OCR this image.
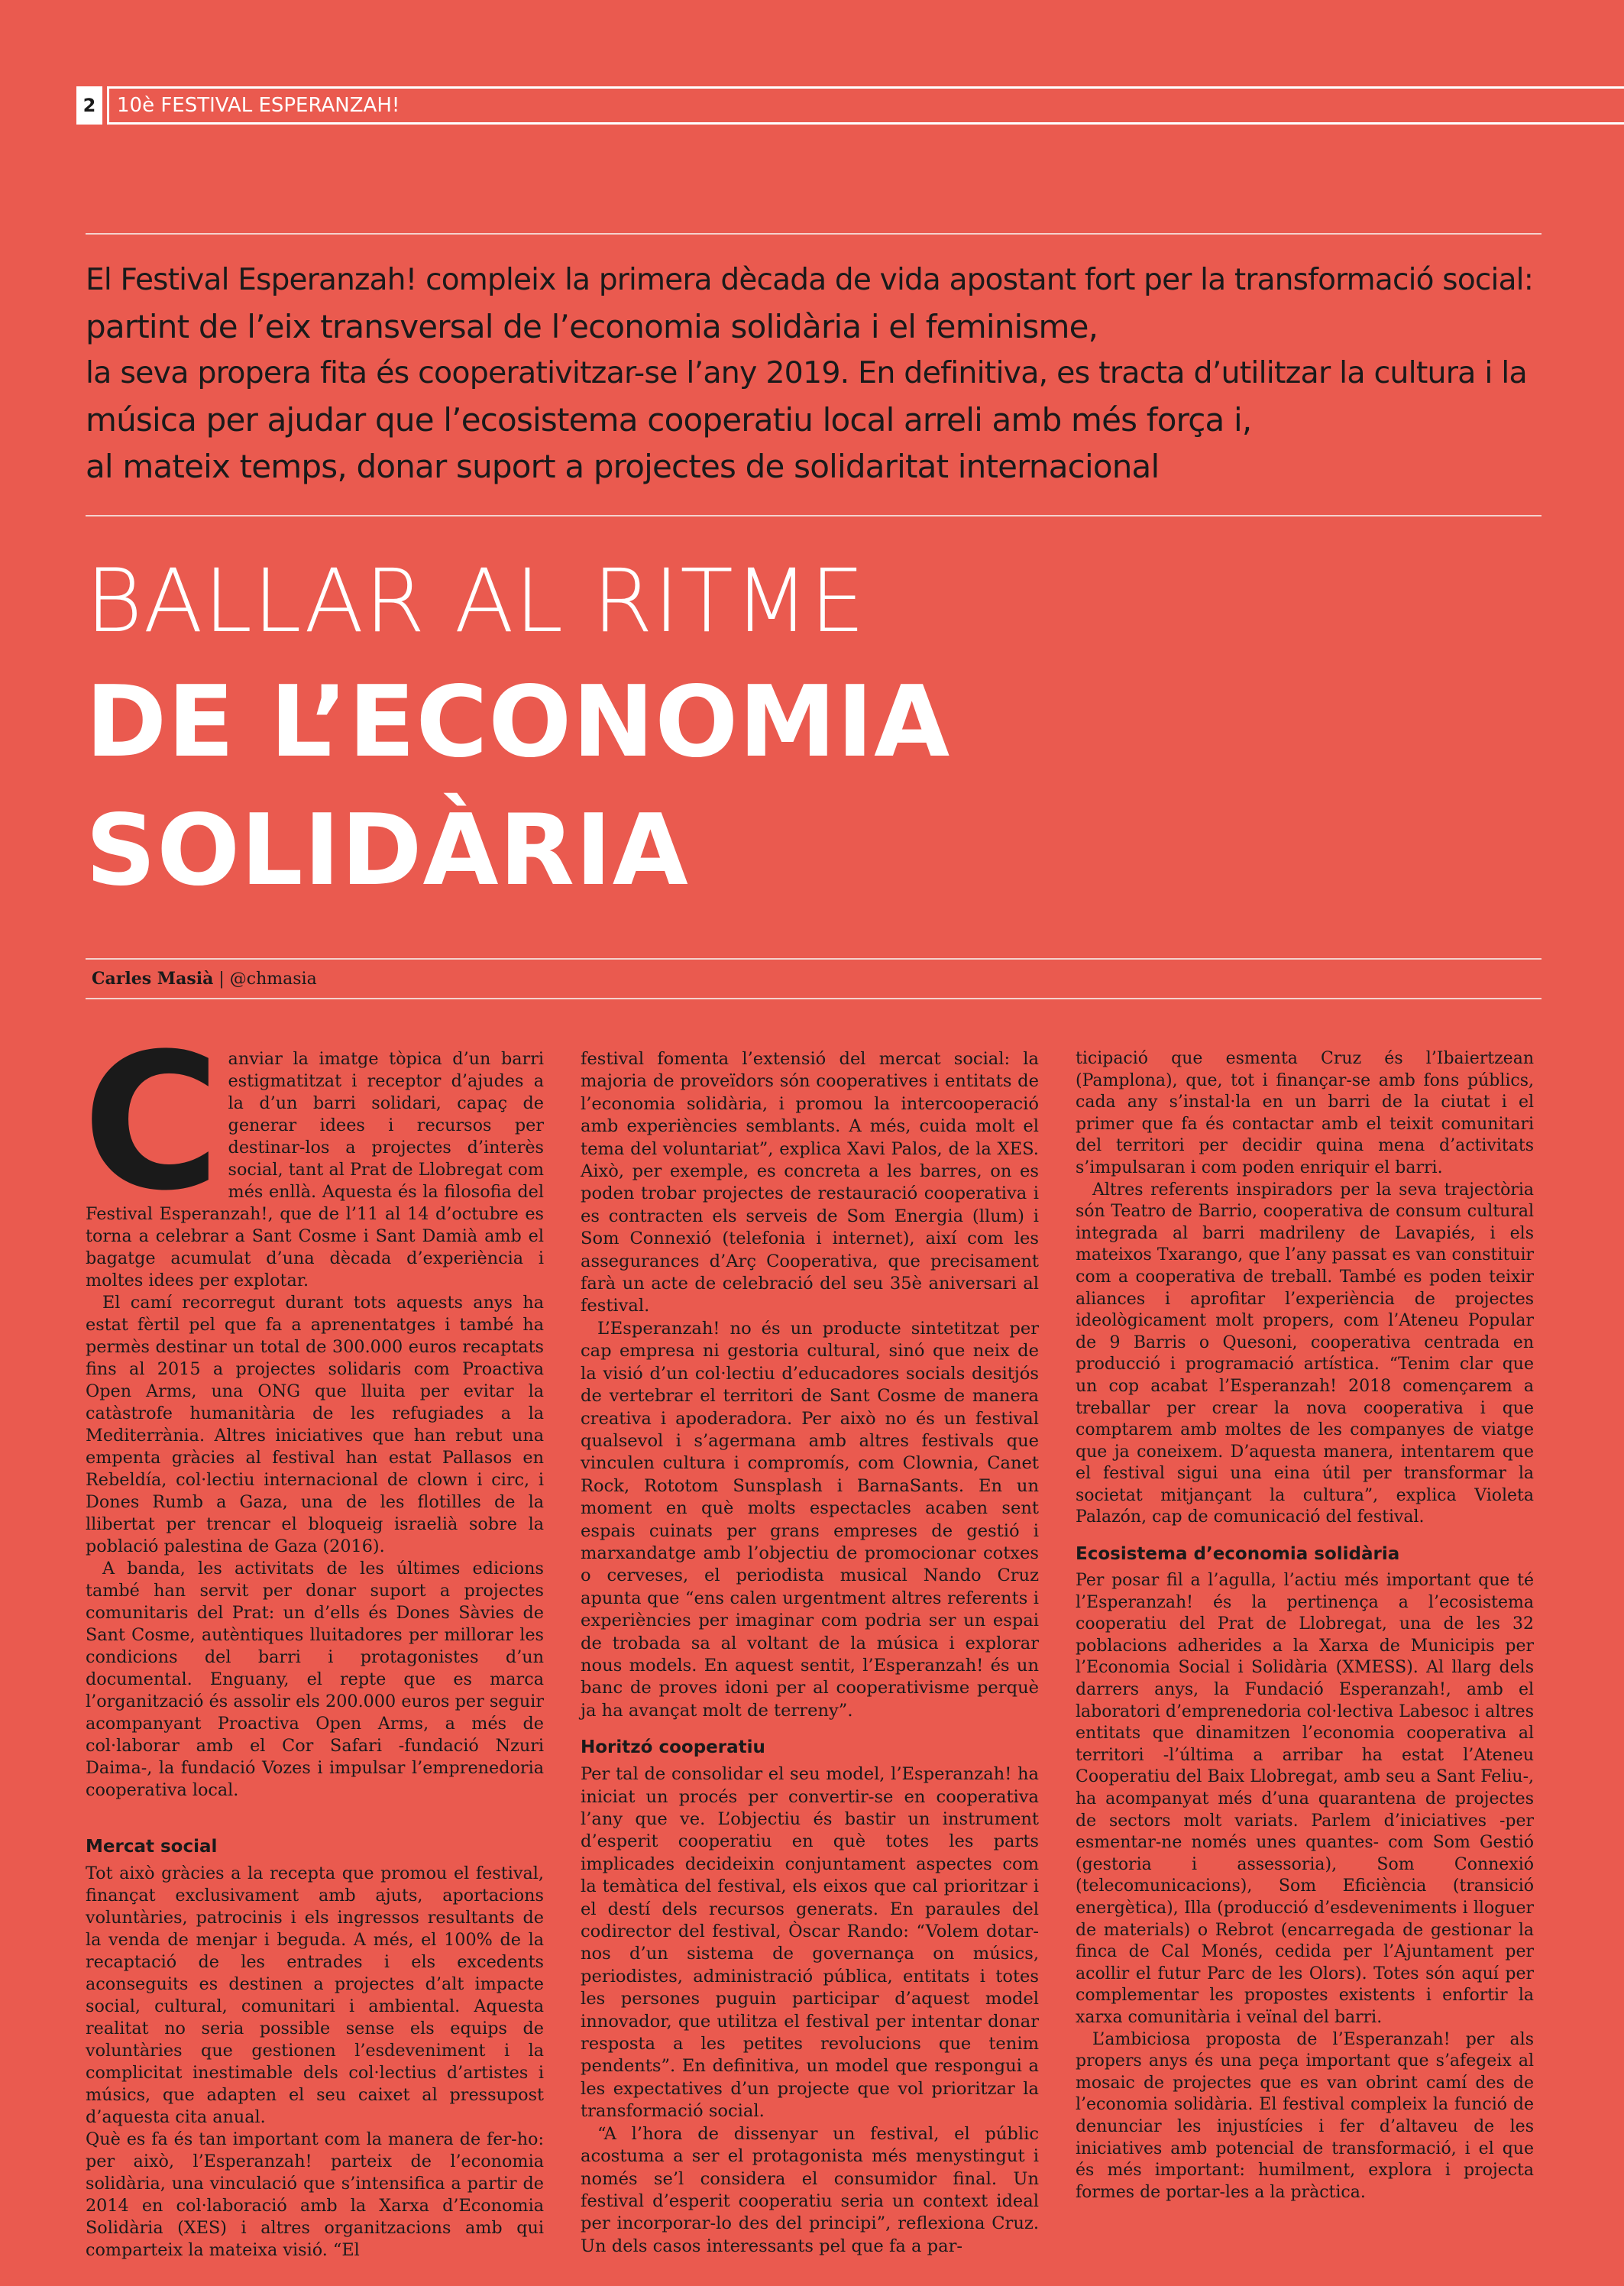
2	10è FESTIVAL ESPERANZAH!
El Festival Esperanzah! compleix la primera dècada de vida apostant fort per la transformació social:
partint de l’eix transversal de l’economia solidària i el feminisme,
la seva propera fita és cooperativitzar-se l’any 2019. En definitiva, es tracta d’utilitzar la cultura i la
música per ajudar que l’ecosistema cooperatiu local arreli amb més força i,
al mateix temps, donar suport a projectes de solidaritat internacional
BALLAR AL RITME
DE L’ECONOMIA
SOLIDÀRIA
Carles Masià | @chmasia
C anviar la imatge tòpica d’un barri estigmatitzat i receptor d’ajudes a la d’un barri solidari, capaç de generar idees i recursos per destinar-los a projectes d’interès social, tant al Prat de Llobregat com més enllà. Aquesta és la filosofia del Festival Esperanzah!, que de l’11 al 14 d’octubre es torna a celebrar a Sant Cosme i Sant Damià amb el bagatge acumulat d’una dècada d’experiència i moltes idees per explotar.

El camí recorregut durant tots aquests anys ha estat fèrtil pel que fa a aprenentatges i també ha permès destinar un total de 300.000 euros recaptats fins al 2015 a projectes solidaris com Proactiva Open Arms, una ONG que lluita per evitar la catàstrofe humanitària de les refugiades a la Mediterrània. Altres iniciatives que han rebut una empenta gràcies al festival han estat Pallasos en Rebeldía, col·lectiu internacional de clown i circ, i Dones Rumb a Gaza, una de les flotilles de la llibertat per trencar el bloqueig israelià sobre la població palestina de Gaza (2016).

A banda, les activitats de les últimes edicions també han servit per donar suport a projectes comunitaris del Prat: un d’ells és Dones Sàvies de Sant Cosme, autèntiques lluitadores per millorar les condicions del barri i protagonistes d’un documental. Enguany, el repte que es marca l’organització és assolir els 200.000 euros per seguir acompanyant Proactiva Open Arms, a més de col·laborar amb el Cor Safari -fundació Nzuri Daima-, la fundació Vozes i impulsar l’emprenedoria cooperativa local.

Mercat social

Tot això gràcies a la recepta que promou el festival, finançat exclusivament amb ajuts, aportacions voluntàries, patrocinis i els ingressos resultants de la venda de menjar i beguda. A més, el 100% de la recaptació de les entrades i els excedents aconseguits es destinen a projectes d’alt impacte social, cultural, comunitari i ambiental. Aquesta realitat no seria possible sense els equips de voluntàries que gestionen l’esdeveniment i la complicitat inestimable dels col·lectius d’artistes i músics, que adapten el seu caixet al pressupost d’aquesta cita anual.

Què es fa és tan important com la manera de fer-ho: per això, l’Esperanzah! parteix de l’economia solidària, una vinculació que s’intensifica a partir de 2014 en col·laboració amb la Xarxa d’Economia Solidària (XES) i altres organitzacions amb qui comparteix la mateixa visió. “El

festival fomenta l’extensió del mercat social: la majoria de proveïdors són cooperatives i entitats de l’economia solidària, i promou la intercooperació amb experiències semblants. A més, cuida molt el tema del voluntariat”, explica Xavi Palos, de la XES. Això, per exemple, es concreta a les barres, on es poden trobar projectes de restauració cooperativa i es contracten els serveis de Som Energia (llum) i Som Connexió (telefonia i internet), així com les assegurances d’Arç Cooperativa, que precisament farà un acte de celebració del seu 35è aniversari al festival.

L’Esperanzah! no és un producte sintetitzat per cap empresa ni gestoria cultural, sinó que neix de la visió d’un col·lectiu d’educadores socials desitjós de vertebrar el territori de Sant Cosme de manera creativa i apoderadora. Per això no és un festival qualsevol i s’agermana amb altres festivals que vinculen cultura i compromís, com Clownia, Canet Rock, Rototom Sunsplash i BarnaSants. En un moment en què molts espectacles acaben sent espais cuinats per grans empreses de gestió i marxandatge amb l’objectiu de promocionar cotxes o cerveses, el periodista musical Nando Cruz apunta que “ens calen urgentment altres referents i experiències per imaginar com podria ser un espai de trobada sa al voltant de la música i explorar nous models. En aquest sentit, l’Esperanzah! és un banc de proves idoni per al cooperativisme perquè ja ha avançat molt de terreny”.

Horitzó cooperatiu

Per tal de consolidar el seu model, l’Esperanzah! ha iniciat un procés per convertir-se en cooperativa l’any que ve. L’objectiu és bastir un instrument d’esperit cooperatiu en què totes les parts implicades decideixin conjuntament aspectes com la temàtica del festival, els eixos que cal prioritzar i el destí dels recursos generats. En paraules del codirector del festival, Òscar Rando: “Volem dotar-nos d’un sistema de governança on músics, periodistes, administració pública, entitats i totes les persones puguin participar d’aquest model innovador, que utilitza el festival per intentar donar resposta a les petites revolucions que tenim pendents”. En definitiva, un model que respongui a les expectatives d’un projecte que vol prioritzar la transformació social.

“A l’hora de dissenyar un festival, el públic acostuma a ser el protagonista més menystingut i només se’l considera el consumidor final. Un festival d’esperit cooperatiu seria un context ideal per incorporar-lo des del principi”, reflexiona Cruz. Un dels casos interessants pel que fa a par-

ticipació que esmenta Cruz és l’Ibaiertzean (Pamplona), que, tot i finançar-se amb fons públics, cada any s’instal·la en un barri de la ciutat i el primer que fa és contactar amb el teixit comunitari del territori per decidir quina mena d’activitats s’impulsaran i com poden enriquir el barri.

Altres referents inspiradors per la seva trajectòria són Teatro de Barrio, cooperativa de consum cultural integrada al barri madrileny de Lavapiés, i els mateixos Txarango, que l’any passat es van constituir com a cooperativa de treball. També es poden teixir aliances i aprofitar l’experiència de projectes ideològicament molt propers, com l’Ateneu Popular de 9 Barris o Quesoni, cooperativa centrada en producció i programació artística. “Tenim clar que un cop acabat l’Esperanzah! 2018 començarem a treballar per crear la nova cooperativa i que comptarem amb moltes de les companyes de viatge que ja coneixem. D’aquesta manera, intentarem que el festival sigui una eina útil per transformar la societat mitjançant la cultura”, explica Violeta Palazón, cap de comunicació del festival.

Ecosistema d’economia solidària

Per posar fil a l’agulla, l’actiu més important que té l’Esperanzah! és la pertinença a l’ecosistema cooperatiu del Prat de Llobregat, una de les 32 poblacions adherides a la Xarxa de Municipis per l’Economia Social i Solidària (XMESS). Al llarg dels darrers anys, la Fundació Esperanzah!, amb el laboratori d’emprenedoria col·lectiva Labesoc i altres entitats que dinamitzen l’economia cooperativa al territori -l’última a arribar ha estat l’Ateneu Cooperatiu del Baix Llobregat, amb seu a Sant Feliu-, ha acompanyat més d’una quarantena de projectes de sectors molt variats. Parlem d’iniciatives -per esmentar-ne només unes quantes- com Som Gestió (gestoria i assessoria), Som Connexió (telecomunicacions), Som Eficiència (transició energètica), Illa (producció d’esdeveniments i lloguer de materials) o Rebrot (encarregada de gestionar la finca de Cal Monés, cedida per l’Ajuntament per acollir el futur Parc de les Olors). Totes són aquí per complementar les propostes existents i enfortir la xarxa comunitària i veïnal del barri.

L’ambiciosa proposta de l’Esperanzah! per als propers anys és una peça important que s’afegeix al mosaic de projectes que es van obrint camí des de l’economia solidària. El festival compleix la funció de denunciar les injustícies i fer d’altaveu de les iniciatives amb potencial de transformació, i el que és més important: humilment, explora i projecta formes de portar-les a la pràctica.
